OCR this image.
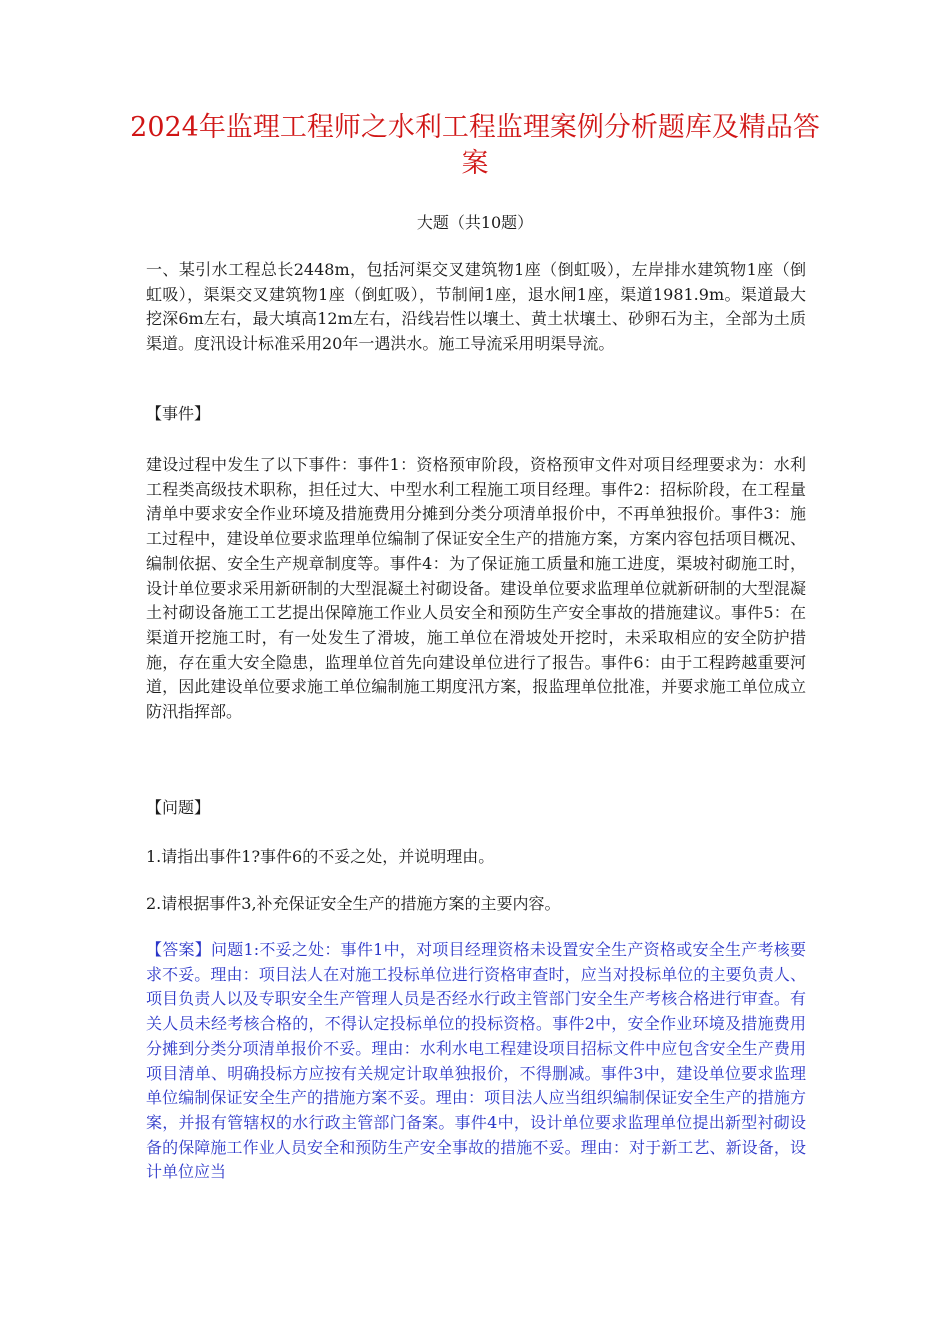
2024年监理工程师之水利工程监理案例分析题库及精品答案
大题（共10题）
一、某引水工程总长2448m，包括河渠交叉建筑物1座（倒虹吸），左岸排水建筑物1座（倒虹吸），渠渠交叉建筑物1座（倒虹吸），节制闸1座，退水闸1座，渠道1981.9m。渠道最大挖深6m左右，最大填高12m左右，沿线岩性以壤土、黄土状壤土、砂卵石为主，全部为土质渠道。度汛设计标准采用20年一遇洪水。施工导流采用明渠导流。
【事件】
建设过程中发生了以下事件：事件1：资格预审阶段，资格预审文件对项目经理要求为：水利工程类高级技术职称，担任过大、中型水利工程施工项目经理。事件2：招标阶段，在工程量清单中要求安全作业环境及措施费用分摊到分类分项清单报价中，不再单独报价。事件3：施工过程中，建设单位要求监理单位编制了保证安全生产的措施方案，方案内容包括项目概况、编制依据、安全生产规章制度等。事件4：为了保证施工质量和施工进度，渠坡衬砌施工时，设计单位要求采用新研制的大型混凝土衬砌设备。建设单位要求监理单位就新研制的大型混凝土衬砌设备施工工艺提出保障施工作业人员安全和预防生产安全事故的措施建议。事件5：在渠道开挖施工时，有一处发生了滑坡，施工单位在滑坡处开挖时，未采取相应的安全防护措施，存在重大安全隐患，监理单位首先向建设单位进行了报告。事件6：由于工程跨越重要河道，因此建设单位要求施工单位编制施工期度汛方案，报监理单位批准，并要求施工单位成立防汛指挥部。
【问题】
1.请指出事件1?事件6的不妥之处，并说明理由。
2.请根据事件3,补充保证安全生产的措施方案的主要内容。
【答案】问题1:不妥之处：事件1中，对项目经理资格未设置安全生产资格或安全生产考核要求不妥。理由：项目法人在对施工投标单位进行资格审查时，应当对投标单位的主要负责人、项目负责人以及专职安全生产管理人员是否经水行政主管部门安全生产考核合格进行审查。有关人员未经考核合格的，不得认定投标单位的投标资格。事件2中，安全作业环境及措施费用分摊到分类分项清单报价不妥。理由：水利水电工程建设项目招标文件中应包含安全生产费用项目清单、明确投标方应按有关规定计取单独报价，不得删减。事件3中，建设单位要求监理单位编制保证安全生产的措施方案不妥。理由：项目法人应当组织编制保证安全生产的措施方案，并报有管辖权的水行政主管部门备案。事件4中，设计单位要求监理单位提出新型衬砌设备的保障施工作业人员安全和预防生产安全事故的措施不妥。理由：对于新工艺、新设备，设计单位应当
